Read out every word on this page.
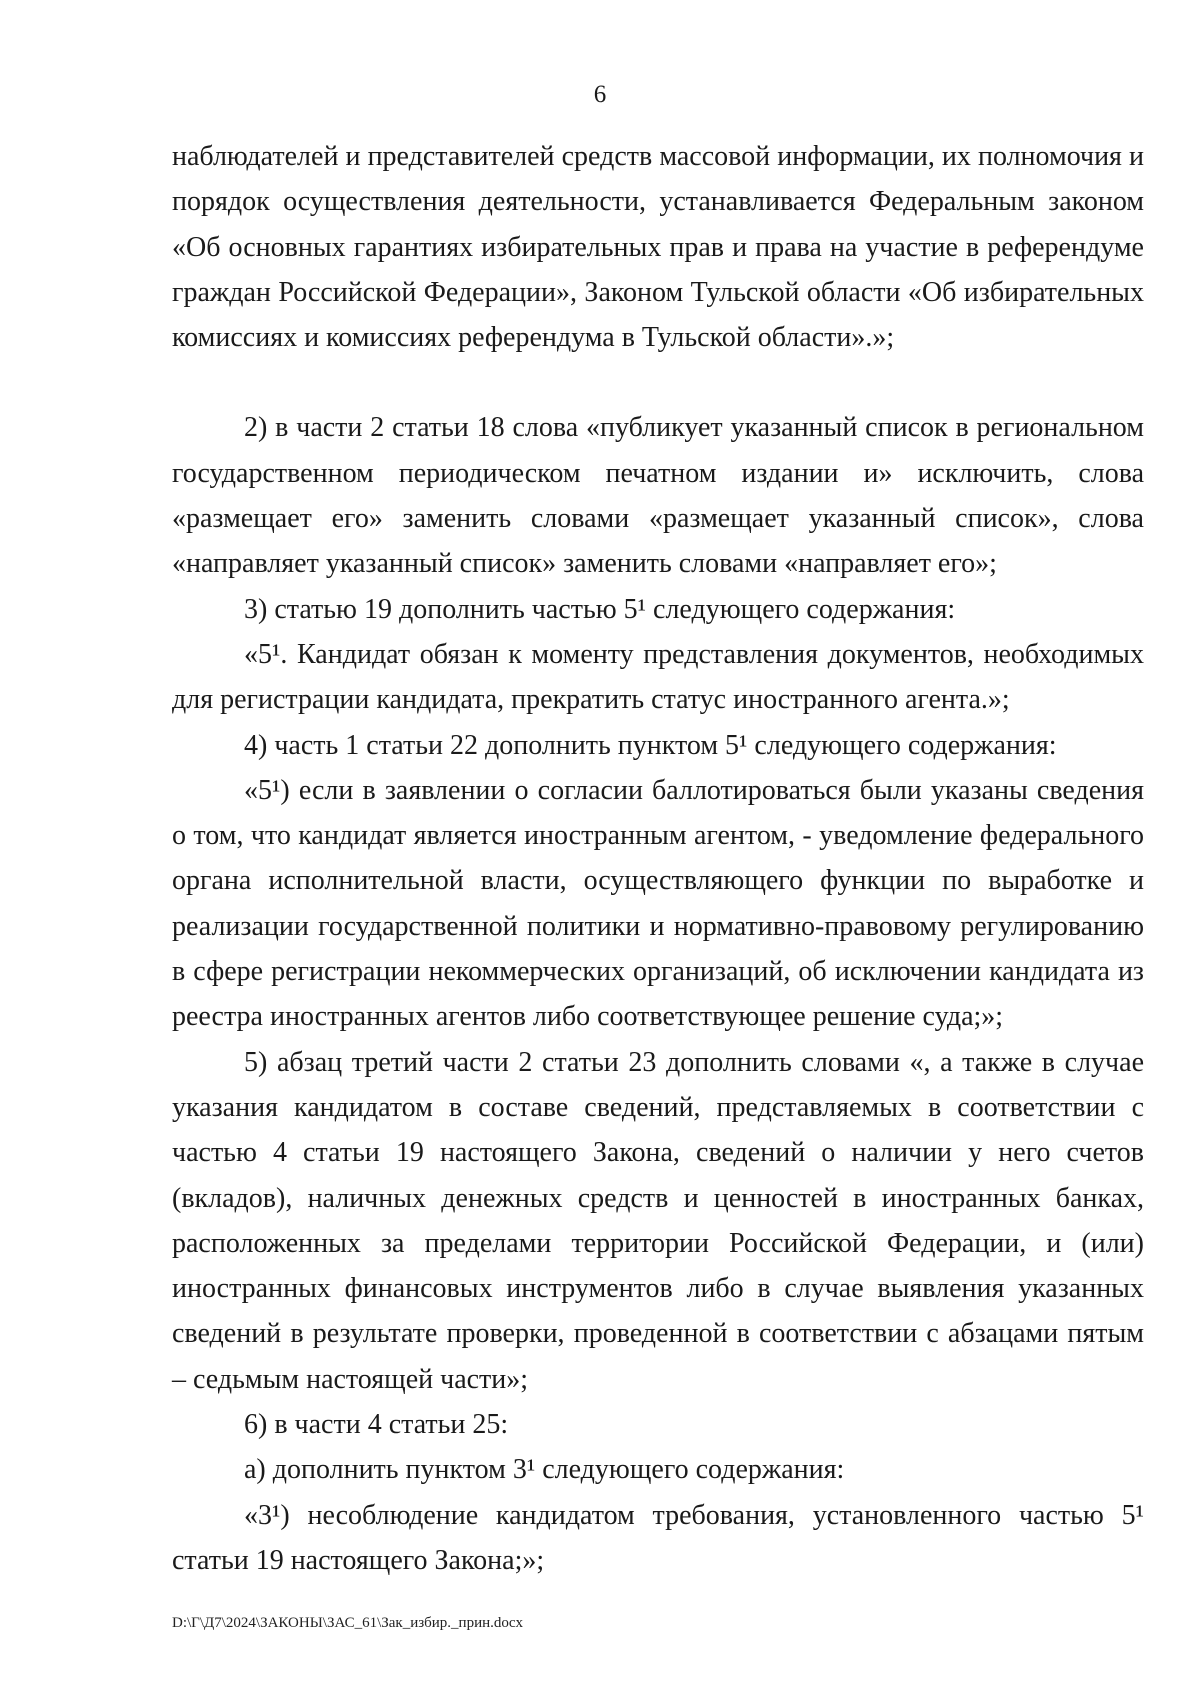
6

наблюдателей и представителей средств массовой информации, их полномочия и порядок осуществления деятельности, устанавливается Федеральным законом «Об основных гарантиях избирательных прав и права на участие в референдуме граждан Российской Федерации», Законом Тульской области «Об избирательных комиссиях и комиссиях референдума в Тульской области».»;

2) в части 2 статьи 18 слова «публикует указанный список в региональном государственном периодическом печатном издании и» исключить, слова «размещает его» заменить словами «размещает указанный список», слова «направляет указанный список» заменить словами «направляет его»;

3) статью 19 дополнить частью 5¹ следующего содержания:

«5¹. Кандидат обязан к моменту представления документов, необходимых для регистрации кандидата, прекратить статус иностранного агента.»;

4) часть 1 статьи 22 дополнить пунктом 5¹ следующего содержания:

«5¹) если в заявлении о согласии баллотироваться были указаны сведения о том, что кандидат является иностранным агентом, - уведомление федерального органа исполнительной власти, осуществляющего функции по выработке и реализации государственной политики и нормативно-правовому регулированию в сфере регистрации некоммерческих организаций, об исключении кандидата из реестра иностранных агентов либо соответствующее решение суда;»;

5) абзац третий части 2 статьи 23 дополнить словами «, а также в случае указания кандидатом в составе сведений, представляемых в соответствии с частью 4 статьи 19 настоящего Закона, сведений о наличии у него счетов (вкладов), наличных денежных средств и ценностей в иностранных банках, расположенных за пределами территории Российской Федерации, и (или) иностранных финансовых инструментов либо в случае выявления указанных сведений в результате проверки, проведенной в соответствии с абзацами пятым – седьмым настоящей части»;

6) в части 4 статьи 25:

а) дополнить пунктом 3¹ следующего содержания:

«3¹) несоблюдение кандидатом требования, установленного частью 5¹ статьи 19 настоящего Закона;»;

D:\Г\Д7\2024\ЗАКОНЫ\ЗАС_61\Зак_избир._прин.docx
